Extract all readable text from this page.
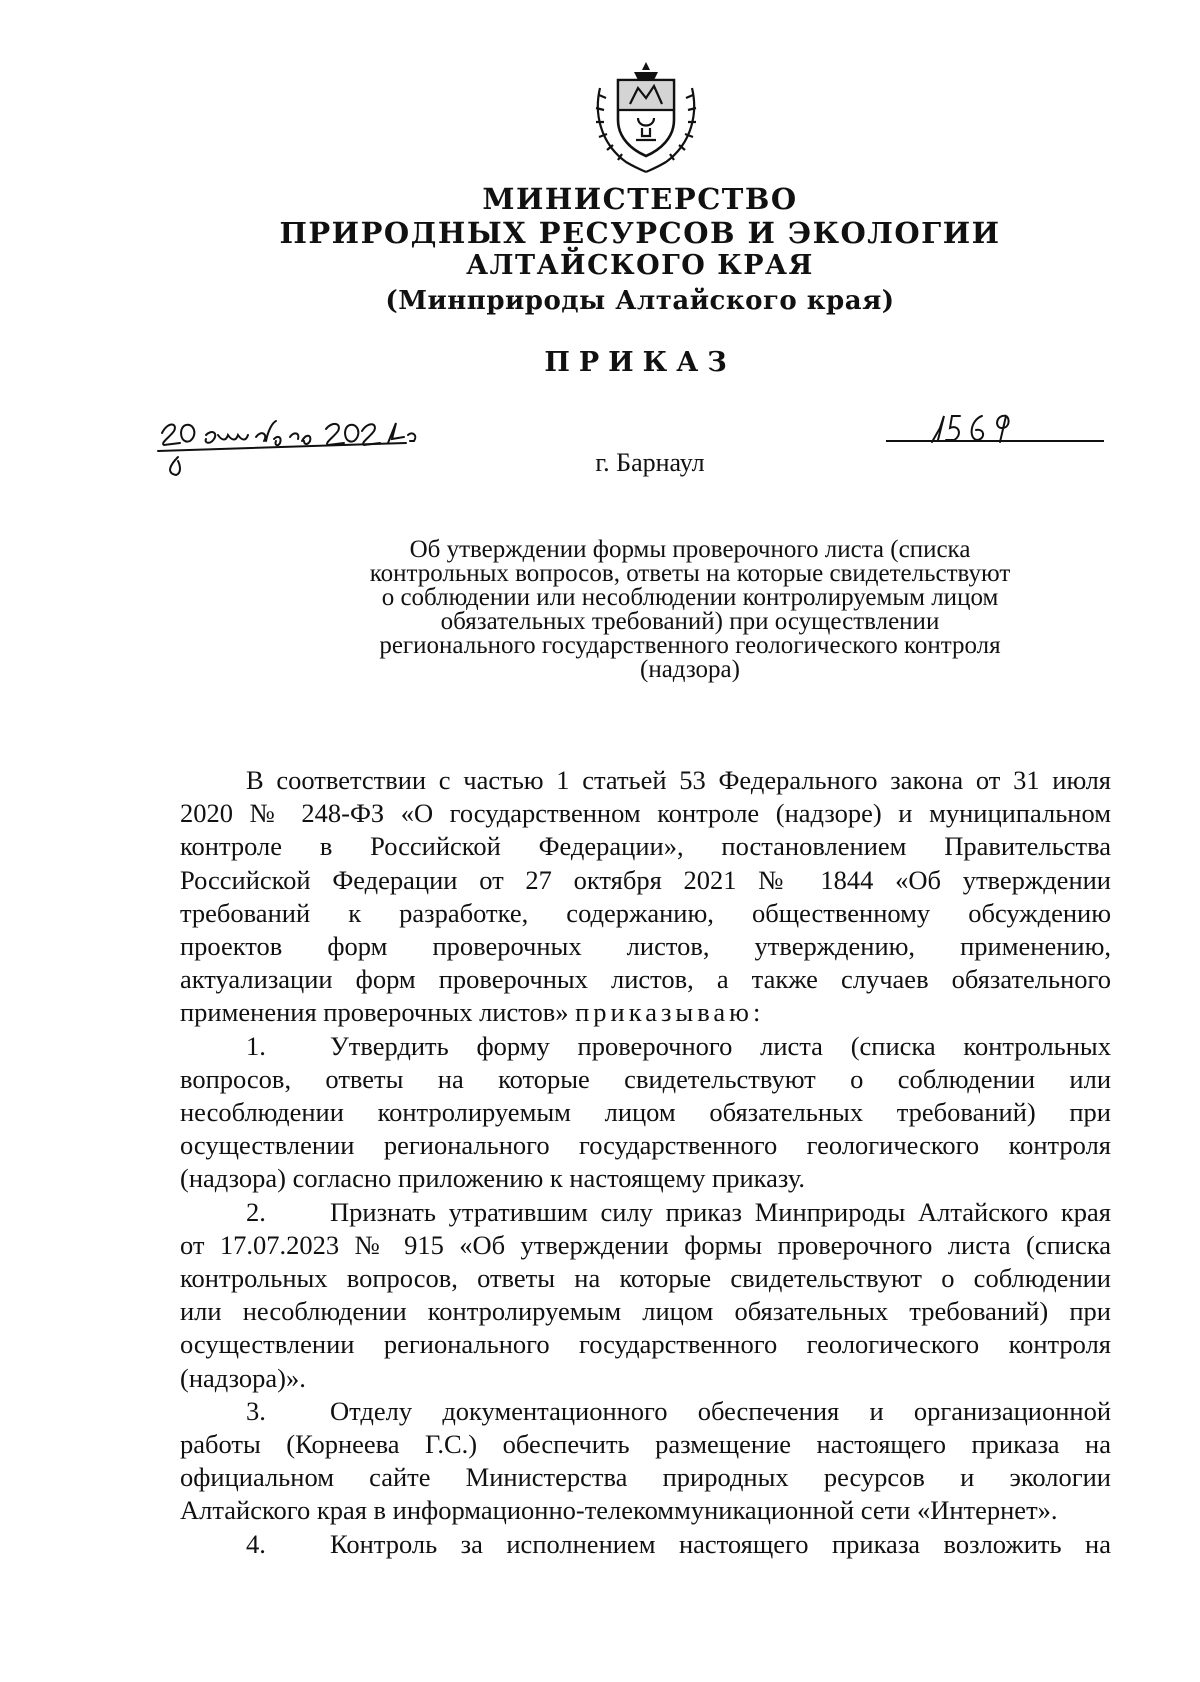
МИНИСТЕРСТВО
ПРИРОДНЫХ РЕСУРСОВ И ЭКОЛОГИИ
АЛТАЙСКОГО КРАЯ
(Минприроды Алтайского края)
ПРИКАЗ
г. Барнаул
Об утверждении формы проверочного листа (списка
контрольных вопросов, ответы на которые свидетельствуют
о соблюдении или несоблюдении контролируемым лицом
обязательных требований) при осуществлении
регионального государственного геологического контроля
(надзора)

В соответствии с частью 1 статьей 53 Федерального закона от 31 июля

2020 № 248-ФЗ «О государственном контроле (надзоре) и муниципальном

контроле в Российской Федерации», постановлением Правительства

Российской Федерации от 27 октября 2021 № 1844 «Об утверждении

требований к разработке, содержанию, общественному обсуждению

проектов форм проверочных листов, утверждению, применению,

актуализации форм проверочных листов, а также случаев обязательного

применения проверочных листов» приказываю:

1. Утвердить форму проверочного листа (списка контрольных

вопросов, ответы на которые свидетельствуют о соблюдении или

несоблюдении контролируемым лицом обязательных требований) при

осуществлении регионального государственного геологического контроля

(надзора) согласно приложению к настоящему приказу.

2. Признать утратившим силу приказ Минприроды Алтайского края

от 17.07.2023 № 915 «Об утверждении формы проверочного листа (списка

контрольных вопросов, ответы на которые свидетельствуют о соблюдении

или несоблюдении контролируемым лицом обязательных требований) при

осуществлении регионального государственного геологического контроля

(надзора)».

3. Отделу документационного обеспечения и организационной

работы (Корнеева Г.С.) обеспечить размещение настоящего приказа на

официальном сайте Министерства природных ресурсов и экологии

Алтайского края в информационно-телекоммуникационной сети «Интернет».

4. Контроль за исполнением настоящего приказа возложить на
